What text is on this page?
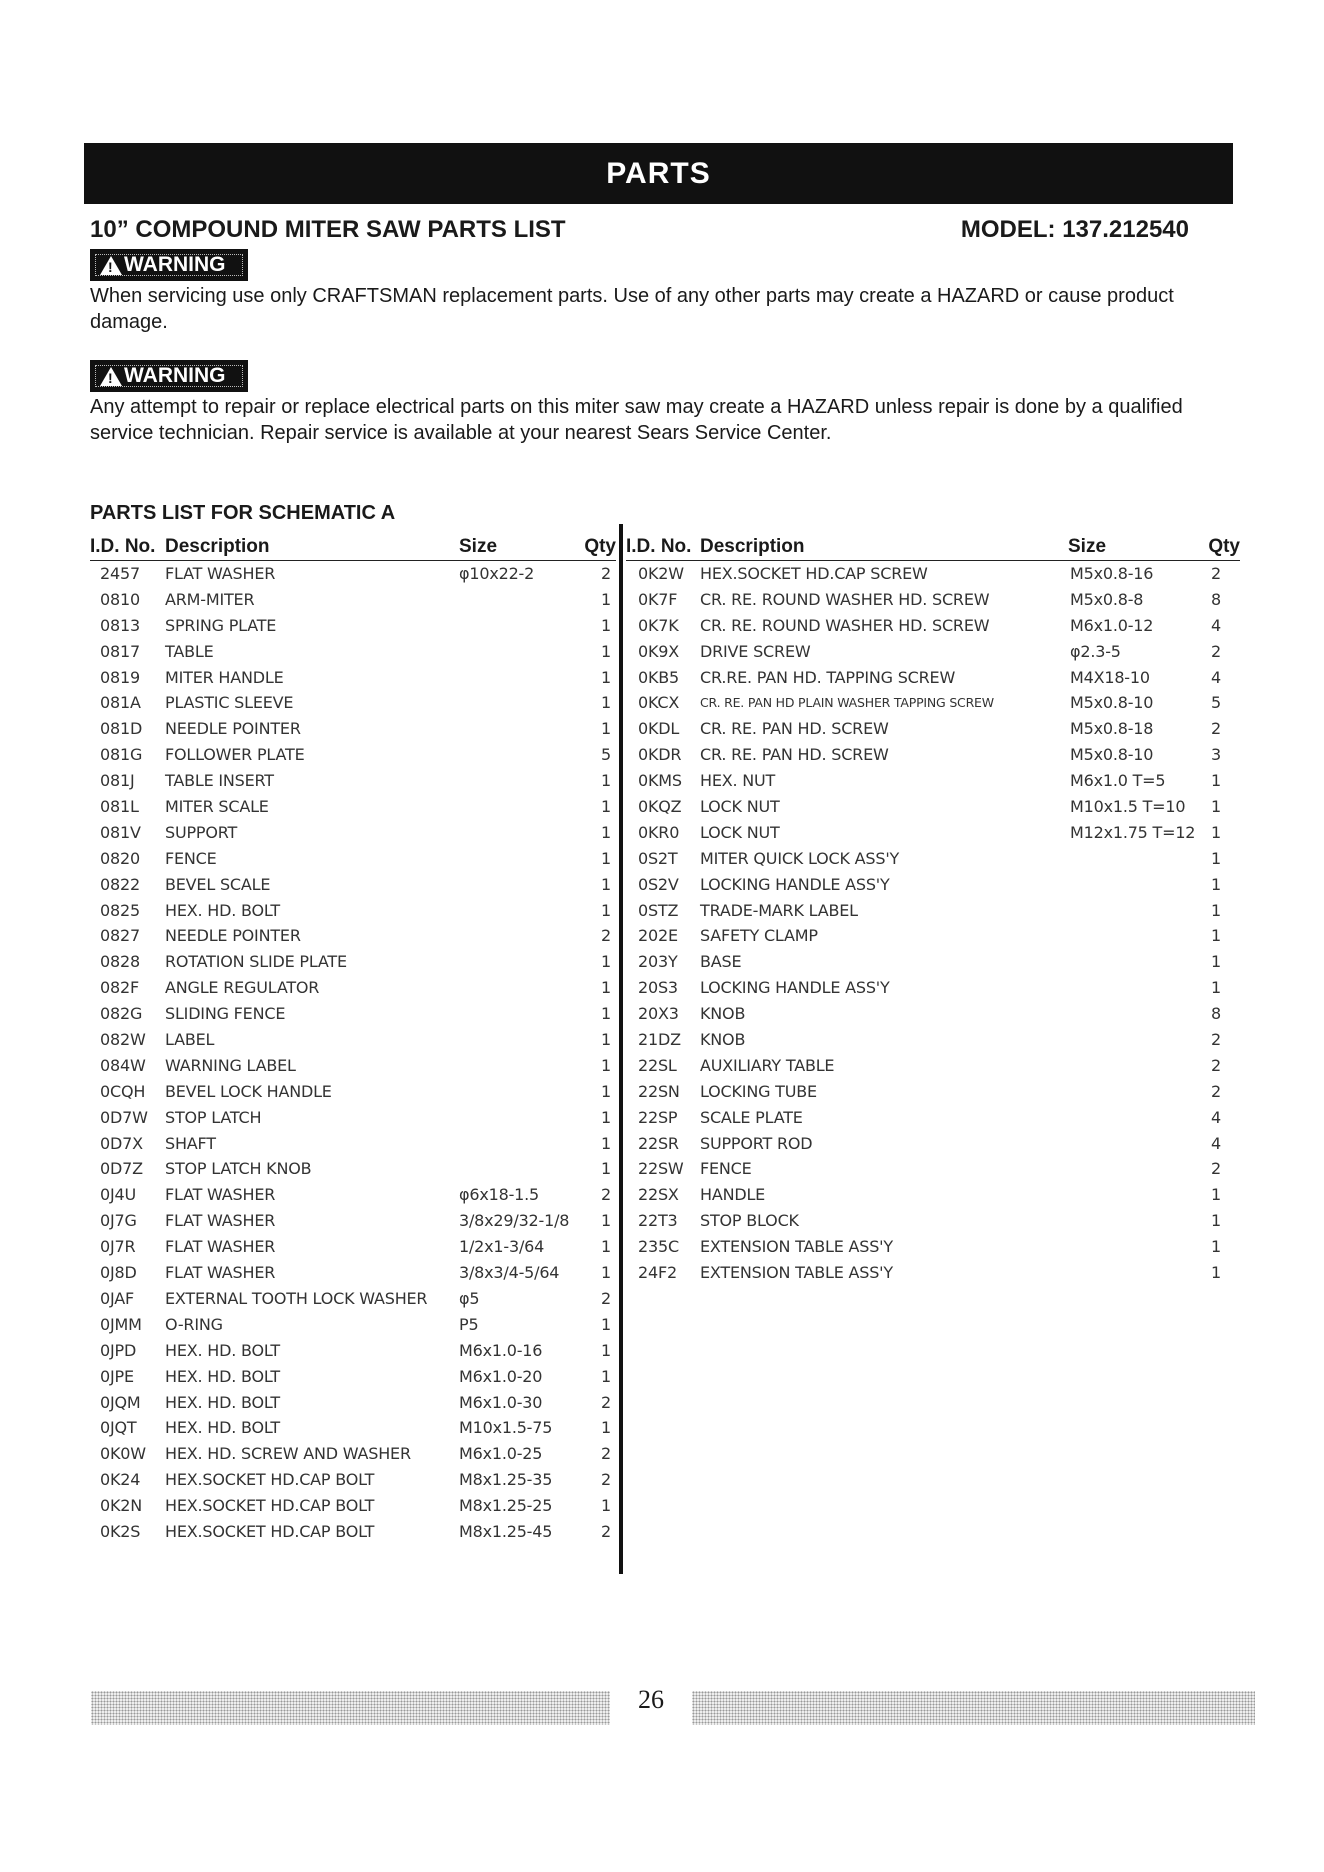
PARTS
10” COMPOUND MITER SAW PARTS LIST	MODEL: 137.212540
!
WARNING
When servicing use only CRAFTSMAN replacement parts. Use of any other parts may create a HAZARD or cause product damage.
!
WARNING
Any attempt to repair or replace electrical parts on this miter saw may create a HAZARD unless repair is done by a qualified service technician. Repair service is available at your nearest Sears Service Center.
PARTS LIST FOR SCHEMATIC A
I.D. No. Description	Size	Qty
2457 FLAT WASHER	φ10x22-2	2
0810 ARM-MITER	1
0813 SPRING PLATE	1
0817 TABLE	1
0819 MITER HANDLE	1
081A PLASTIC SLEEVE	1
081D NEEDLE POINTER	1
081G FOLLOWER PLATE	5
081J TABLE INSERT	1
081L MITER SCALE	1
081V SUPPORT	1
0820 FENCE	1
0822 BEVEL SCALE	1
0825 HEX. HD. BOLT	1
0827 NEEDLE POINTER	2
0828 ROTATION SLIDE PLATE	1
082F ANGLE REGULATOR	1
082G SLIDING FENCE	1
082W LABEL	1
084W WARNING LABEL	1
0CQH BEVEL LOCK HANDLE	1
0D7W STOP LATCH	1
0D7X SHAFT	1
0D7Z STOP LATCH KNOB	1
0J4U FLAT WASHER	φ6x18-1.5	2
0J7G FLAT WASHER	3/8x29/32-1/8 1
0J7R FLAT WASHER	1/2x1-3/64	1
0J8D FLAT WASHER	3/8x3/4-5/64	1
0JAF EXTERNAL TOOTH LOCK WASHER φ5	2
0JMM O-RING	P5	1
0JPD HEX. HD. BOLT	M6x1.0-16	1
0JPE HEX. HD. BOLT	M6x1.0-20	1
0JQM HEX. HD. BOLT	M6x1.0-30	2
0JQT HEX. HD. BOLT	M10x1.5-75	1
0K0W HEX. HD. SCREW AND WASHER	M6x1.0-25	2
0K24 HEX.SOCKET HD.CAP BOLT	M8x1.25-35	2
0K2N HEX.SOCKET HD.CAP BOLT	M8x1.25-25	1
0K2S HEX.SOCKET HD.CAP BOLT	M8x1.25-45	2
I.D. No. Description	Size	Qty
0K2W HEX.SOCKET HD.CAP SCREW	M5x0.8-16	2
0K7F CR. RE. ROUND WASHER HD. SCREW	M5x0.8-8	8
0K7K CR. RE. ROUND WASHER HD. SCREW	M6x1.0-12	4
0K9X DRIVE SCREW	φ2.3-5	2
0KB5 CR.RE. PAN HD. TAPPING SCREW	M4X18-10	4
0KCX CR. RE. PAN HD PLAIN WASHER TAPPING SCREW	M5x0.8-10	5
0KDL CR. RE. PAN HD. SCREW	M5x0.8-18	2
0KDR CR. RE. PAN HD. SCREW	M5x0.8-10	3
0KMS HEX. NUT	M6x1.0 T=5	1
0KQZ LOCK NUT	M10x1.5 T=10 1
0KR0 LOCK NUT	M12x1.75 T=12 1
0S2T MITER QUICK LOCK ASS'Y	1
0S2V LOCKING HANDLE ASS'Y	1
0STZ TRADE-MARK LABEL	1
202E SAFETY CLAMP	1
203Y BASE	1
20S3 LOCKING HANDLE ASS'Y	1
20X3 KNOB	8
21DZ KNOB	2
22SL AUXILIARY TABLE	2
22SN LOCKING TUBE	2
22SP SCALE PLATE	4
22SR SUPPORT ROD	4
22SW FENCE	2
22SX HANDLE	1
22T3 STOP BLOCK	1
235C EXTENSION TABLE ASS'Y	1
24F2 EXTENSION TABLE ASS'Y	1
26
